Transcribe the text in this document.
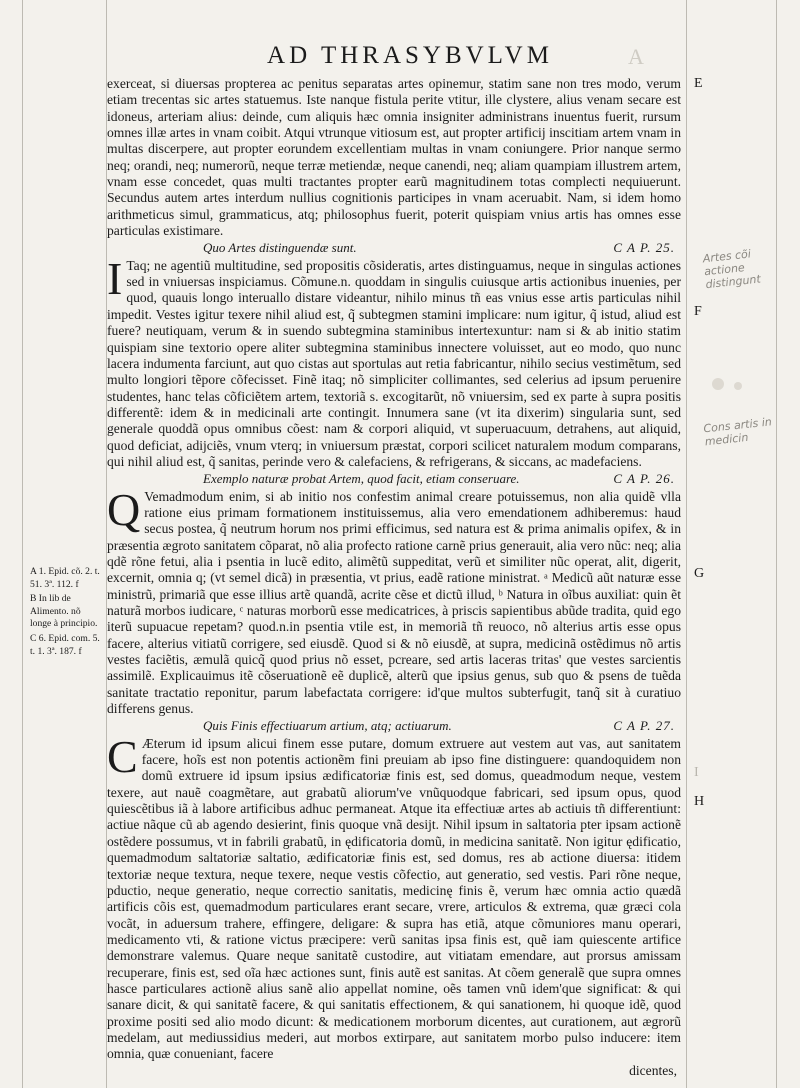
AD THRASYBVLVM	A

exerceat, si diuersas propterea ac penitus separatas artes opinemur, statim sane non tres modo, verum etiam trecentas sic artes statuemus. Iste nanque fistula perite vtitur, ille clystere, alius venam secare est idoneus, arteriam alius: deinde, cum aliquis hæc omnia insigniter administrans inuentus fuerit, rursum omnes illæ artes in vnam coibit. Atqui vtrunque vitiosum est, aut propter artificij inscitiam artem vnam in multas discerpere, aut propter eorundem excellentiam multas in vnam coniungere. Prior nanque sermo neq; orandi, neq; numerorũ, neque terræ metiendæ, neque canendi, neq; aliam quampiam illustrem artem, vnam esse concedet, quas multi tractantes propter earũ magnitudinem totas complecti nequiuerunt. Secundus autem artes interdum nullius cognitionis participes in vnam aceruabit. Nam, si idem homo arithmeticus simul, grammaticus, atq; philosophus fuerit, poterit quispiam vnius artis has omnes esse particulas existimare.

Quo Artes distinguendæ sunt.	C A P. 25.

I Taq; ne agentiũ multitudine, sed propositis cõsideratis, artes distinguamus, neque in singulas actiones sed in vniuersas inspiciamus. Cõmune.n. quoddam in singulis cuiusque artis actionibus inuenies, per quod, quauis longo interuallo distare videantur, nihilo minus tñ eas vnius esse artis particulas nihil impedit. Vestes igitur texere nihil aliud est, q̃ subtegmen stamini implicare: num igitur, q̃ istud, aliud est fuere? neutiquam, verum & in suendo subtegmina staminibus intertexuntur: nam si & ab initio statim quispiam sine textorio opere aliter subtegmina staminibus innectere voluisset, aut eo modo, quo nunc lacera indumenta farciunt, aut quo cistas aut sportulas aut retia fabricantur, nihilo secius vestimẽtum, sed multo longiori tẽpore cõfecisset. Finẽ itaq; nõ simpliciter collimantes, sed celerius ad ipsum peruenire studentes, hanc telas cõficiẽtem artem, textoriã s. excogitarũt, nõ vniuersim, sed ex parte à supra positis differentẽ: idem & in medicinali arte contingit. Innumera sane (vt ita dixerim) singularia sunt, sed generale quoddã opus omnibus cõest: nam & corpori aliquid, vt superuacuum, detrahens, aut aliquid, quod deficiat, adijciẽs, vnum vterq; in vniuersum præstat, corpori scilicet naturalem modum comparans, qui nihil aliud est, q̃ sanitas, perinde vero & calefaciens, & refrigerans, & siccans, ac madefaciens.

Exemplo naturæ probat Artem, quod facit, etiam conseruare.	C A P. 26.

Q Vemadmodum enim, si ab initio nos confestim animal creare potuissemus, non alia quidẽ vlla ratione eius primam formationem instituissemus, alia vero emendationem adhiberemus: haud secus postea, q̃ neutrum horum nos primi efficimus, sed natura est & prima animalis opifex, & in præsentia ægroto sanitatem cõparat, nõ alia profecto ratione carnẽ prius generauit, alia vero nũc: neq; alia qdẽ rõne fetui, alia i psentia in lucẽ edito, alimẽtũ suppeditat, verũ et similiter nũc operat, alit, digerit, excernit, omnia q; (vt semel dicã) in præsentia, vt prius, eadẽ ratione ministrat. ᵃ Medicũ aũt naturæ esse ministrũ, primariã que esse illius artẽ quandã, acrite cẽse et dictũ illud, ᵇ Natura in oĩbus auxiliat: quin ẽt naturã morbos iudicare, ᶜ naturas morborũ esse medicatrices, à priscis sapientibus abũde tradita, quid ego iterũ supuacue repetam? quod.n.in psentia vtile est, in memoriã tñ reuoco, nõ alterius artis esse opus facere, alterius vitiatũ corrigere, sed eiusdẽ. Quod si & nõ eiusdẽ, at supra, medicinã ostẽdimus nõ artis vestes faciẽtis, æmulã quicq̃ quod prius nõ esset, pcreare, sed artis laceras tritas' que vestes sarcientis assimilẽ. Explicauimus itẽ cõseruationẽ eẽ duplicẽ, alterũ que ipsius genus, sub quo & psens de tuẽda sanitate tractatio reponitur, parum labefactata corrigere: id'que multos subterfugit, tanq̃ sit à curatiuo differens genus.

Quis Finis effectiuarum artium, atq; actiuarum.	C A P. 27.

C Æterum id ipsum alicui finem esse putare, domum extruere aut vestem aut vas, aut sanitatem facere, hoĩs est non potentis actionẽm fini preuiam ab ipso fine distinguere: quandoquidem non domũ extruere id ipsum ipsius ædificatoriæ finis est, sed domus, queadmodum neque, vestem texere, aut nauẽ coagmẽtare, aut grabatũ aliorum've vnũquodque fabricari, sed ipsum opus, quod quiescẽtibus iã à labore artificibus adhuc permaneat. Atque ita effectiuæ artes ab actiuis tñ differentiunt: actiue nãque cũ ab agendo desierint, finis quoque vnã desijt. Nihil ipsum in saltatoria pter ipsam actionẽ ostẽdere possumus, vt in fabrili grabatũ, in ędificatoria domũ, in medicina sanitatẽ. Non igitur ędificatio, quemadmodum saltatoriæ saltatio, ædificatoriæ finis est, sed domus, res ab actione diuersa: itidem textoriæ neque textura, neque texere, neque vestis cõfectio, aut generatio, sed vestis. Pari rõne neque, pductio, neque generatio, neque correctio sanitatis, medicinę finis ẽ, verum hæc omnia actio quædã artificis cõis est, quemadmodum particulares erant secare, vrere, articulos & extrema, quæ græci cola vocãt, in aduersum trahere, effingere, deligare: & supra has etiã, atque cõmuniores manu operari, medicamento vti, & ratione victus præcipere: verũ sanitas ipsa finis est, quẽ iam quiescente artifice demonstrare valemus. Quare neque sanitatẽ custodire, aut vitiatam emendare, aut prorsus amissam recuperare, finis est, sed oĩa hæc actiones sunt, finis autẽ est sanitas. At cõem generalẽ que supra omnes hasce particulares actionẽ alius sanẽ alio appellat nomine, oẽs tamen vnũ idem'que significat: & qui sanare dicit, & qui sanitatẽ facere, & qui sanitatis effectionem, & qui sanationem, hi quoque idẽ, quod proxime positi sed alio modo dicunt: & medicationem morborum dicentes, aut curationem, aut ægrorũ medelam, aut mediussidius mederi, aut morbos extirpare, aut sanitatem morbo pulso inducere: item omnia, quæ conueniant, facere

dicentes,
E
F
G
H
I

A 1. Epid. cõ. 2. t. 51. 3ª. 112. f

B In lib de Alimento. nõ longe à principio.

C 6. Epid. com. 5. t. 1. 3ª. 187. f

Artes cõi actione distingunt
Cons artis in medicin
